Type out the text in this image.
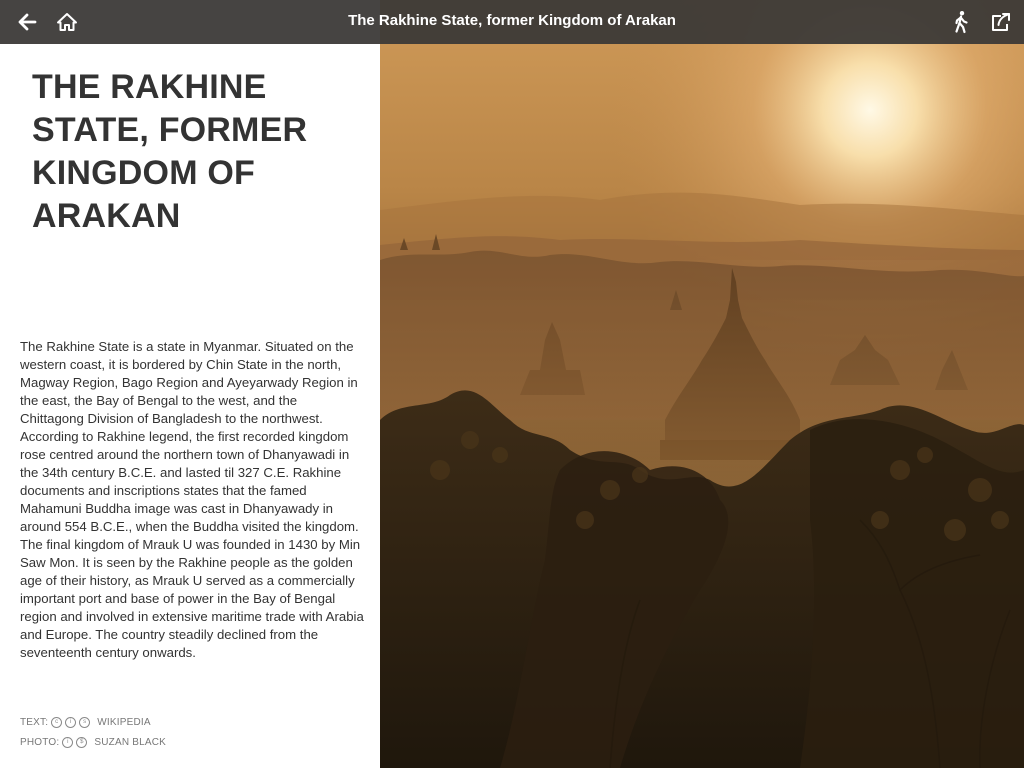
The Rakhine State, former Kingdom of Arakan
THE RAKHINE STATE, FORMER KINGDOM OF ARAKAN

The Rakhine State is a state in Myanmar. Situated on the western coast, it is bordered by Chin State in the north, Magway Region, Bago Region and Ayeyarwady Region in the east, the Bay of Bengal to the west, and the Chittagong Division of Bangladesh to the northwest. According to Rakhine legend, the first recorded kingdom rose centred around the northern town of Dhanyawadi in the 34th century B.C.E. and lasted til 327 C.E. Rakhine documents and inscriptions states that the famed Mahamuni Buddha image was cast in Dhanyawady in around 554 B.C.E., when the Buddha visited the kingdom. The final kingdom of Mrauk U was founded in 1430 by Min Saw Mon. It is seen by the Rakhine people as the golden age of their history, as Mrauk U served as a commercially important port and base of power in the Bay of Bengal region and involved in extensive maritime trade with Arabia and Europe. The country steadily declined from the seventeenth century onwards.

TEXT:	c	i	s	WIKIPEDIA
PHOTO:	i	$	SUZAN BLACK
